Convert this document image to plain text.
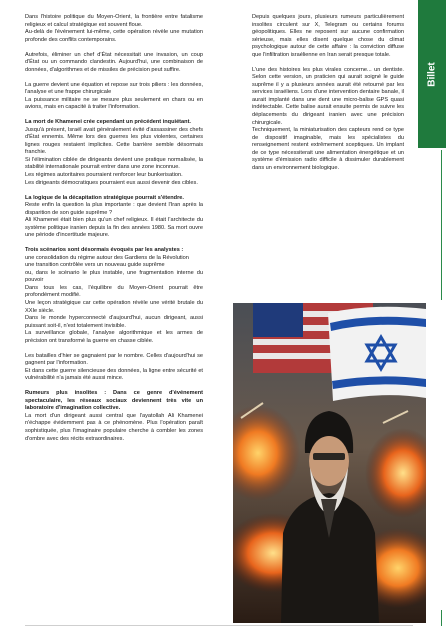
Billet

Dans l'histoire politique du Moyen-Orient, la frontière entre fatalisme religieux et calcul stratégique est souvent floue.

Au-delà de l'événement lui-même, cette opération révèle une mutation profonde des conflits contemporains.

Autrefois, éliminer un chef d'État nécessitait une invasion, un coup d'État ou un commando clandestin. Aujourd'hui, une combinaison de données, d'algorithmes et de missiles de précision peut suffire.

La guerre devient une équation et repose sur trois piliers : les données, l'analyse et une frappe chirurgicale

La puissance militaire ne se mesure plus seulement en chars ou en avions, mais en capacité à traiter l'information.

La mort de Khamenei crée cependant un précédent inquiétant.

Jusqu'à présent, Israël avait généralement évité d'assassiner des chefs d'État ennemis. Même lors des guerres les plus violentes, certaines lignes rouges restaient implicites. Cette barrière semble désormais franchie.

Si l'élimination ciblée de dirigeants devient une pratique normalisée, la stabilité internationale pourrait entrer dans une zone inconnue.

Les régimes autoritaires pourraient renforcer leur bunkerisation.

Les dirigeants démocratiques pourraient eux aussi devenir des cibles.

La logique de la décapitation stratégique pourrait s'étendre.

Reste enfin la question la plus importante : que devient l'Iran après la disparition de son guide suprême ?

Ali Khamenei était bien plus qu'un chef religieux. Il était l'architecte du système politique iranien depuis la fin des années 1980. Sa mort ouvre une période d'incertitude majeure.

Trois scénarios sont désormais évoqués par les analystes :

une consolidation du régime autour des Gardiens de la Révolution

une transition contrôlée vers un nouveau guide suprême

ou, dans le scénario le plus instable, une fragmentation interne du pouvoir

Dans tous les cas, l'équilibre du Moyen-Orient pourrait être profondément modifié.

Une leçon stratégique car cette opération révèle une vérité brutale du XXIe siècle.

Dans le monde hyperconnecté d'aujourd'hui, aucun dirigeant, aussi puissant soit-il, n'est totalement invisible.

La surveillance globale, l'analyse algorithmique et les armes de précision ont transformé la guerre en chasse ciblée.

Les batailles d'hier se gagnaient par le nombre. Celles d'aujourd'hui se gagnent par l'information.

Et dans cette guerre silencieuse des données, la ligne entre sécurité et vulnérabilité n'a jamais été aussi mince.

Rumeurs plus insolites : Dans ce genre d'événement spectaculaire, les réseaux sociaux deviennent très vite un laboratoire d'imagination collective.

La mort d'un dirigeant aussi central que l'ayatollah Ali Khamenei n'échappe évidemment pas à ce phénomène. Plus l'opération paraît sophistiquée, plus l'imaginaire populaire cherche à combler les zones d'ombre avec des récits extraordinaires.

Depuis quelques jours, plusieurs rumeurs particulièrement insolites circulent sur X, Telegram ou certains forums géopolitiques. Elles ne reposent sur aucune confirmation sérieuse, mais elles disent quelque chose du climat psychologique autour de cette affaire : la conviction diffuse que l'infiltration israélienne en Iran serait presque totale.

L'une des histoires les plus virales concerne... un dentiste. Selon cette version, un praticien qui aurait soigné le guide suprême il y a plusieurs années aurait été retourné par les services israéliens. Lors d'une intervention dentaire banale, il aurait implanté dans une dent une micro-balise GPS quasi indétectable. Cette balise aurait ensuite permis de suivre les déplacements du dirigeant iranien avec une précision chirurgicale.

Techniquement, la miniaturisation des capteurs rend ce type de dispositif imaginable, mais les spécialistes du renseignement restent extrêmement sceptiques. Un implant de ce type nécessiterait une alimentation énergétique et un système d'émission radio difficile à dissimuler durablement dans un environnement biologique.
